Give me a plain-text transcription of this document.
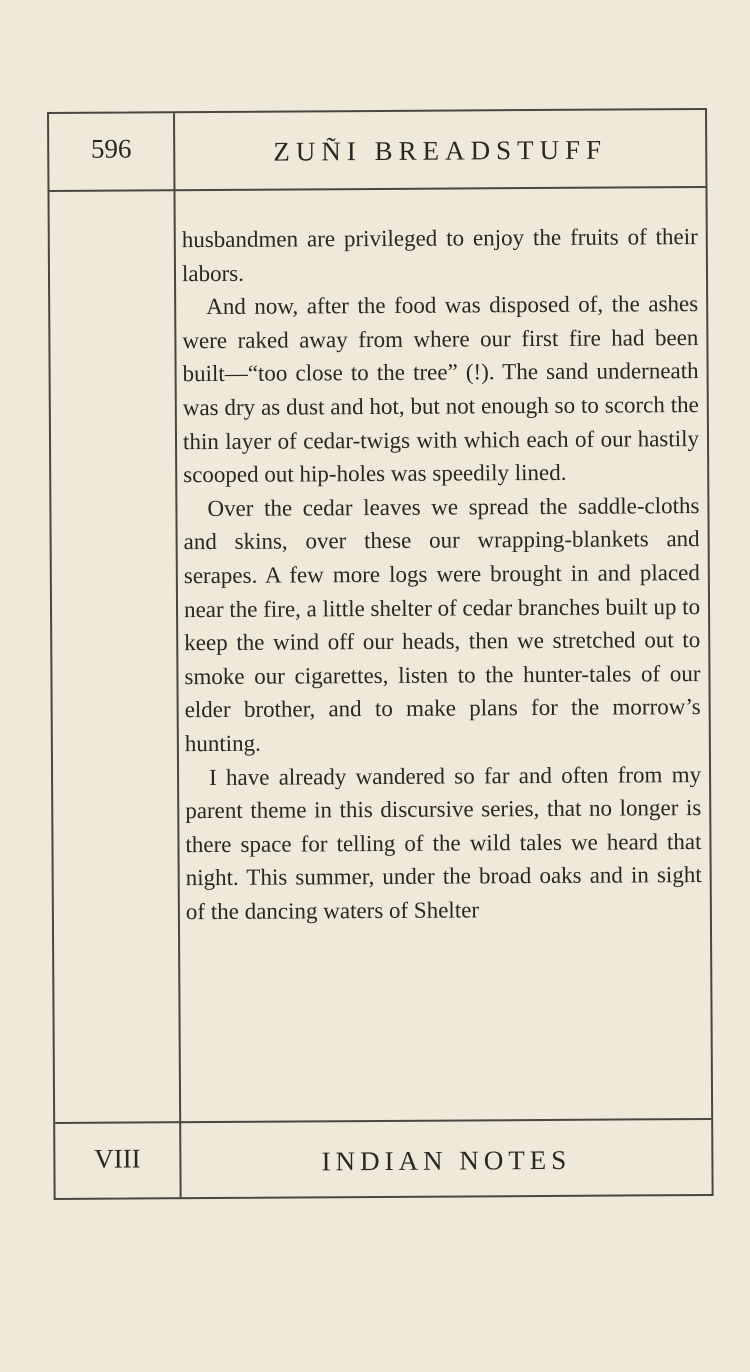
596	ZUÑI BREADSTUFF

husbandmen are privileged to enjoy the fruits of their labors.

And now, after the food was disposed of, the ashes were raked away from where our first fire had been built—“too close to the tree” (!). The sand underneath was dry as dust and hot, but not enough so to scorch the thin layer of cedar-twigs with which each of our hastily scooped out hip-holes was speedily lined.

Over the cedar leaves we spread the saddle-cloths and skins, over these our wrapping-blankets and serapes. A few more logs were brought in and placed near the fire, a little shelter of cedar branches built up to keep the wind off our heads, then we stretched out to smoke our cigarettes, listen to the hunter-tales of our elder brother, and to make plans for the morrow’s hunting.

I have already wandered so far and often from my parent theme in this discursive series, that no longer is there space for telling of the wild tales we heard that night. This summer, under the broad oaks and in sight of the dancing waters of Shelter

VIII	INDIAN NOTES
